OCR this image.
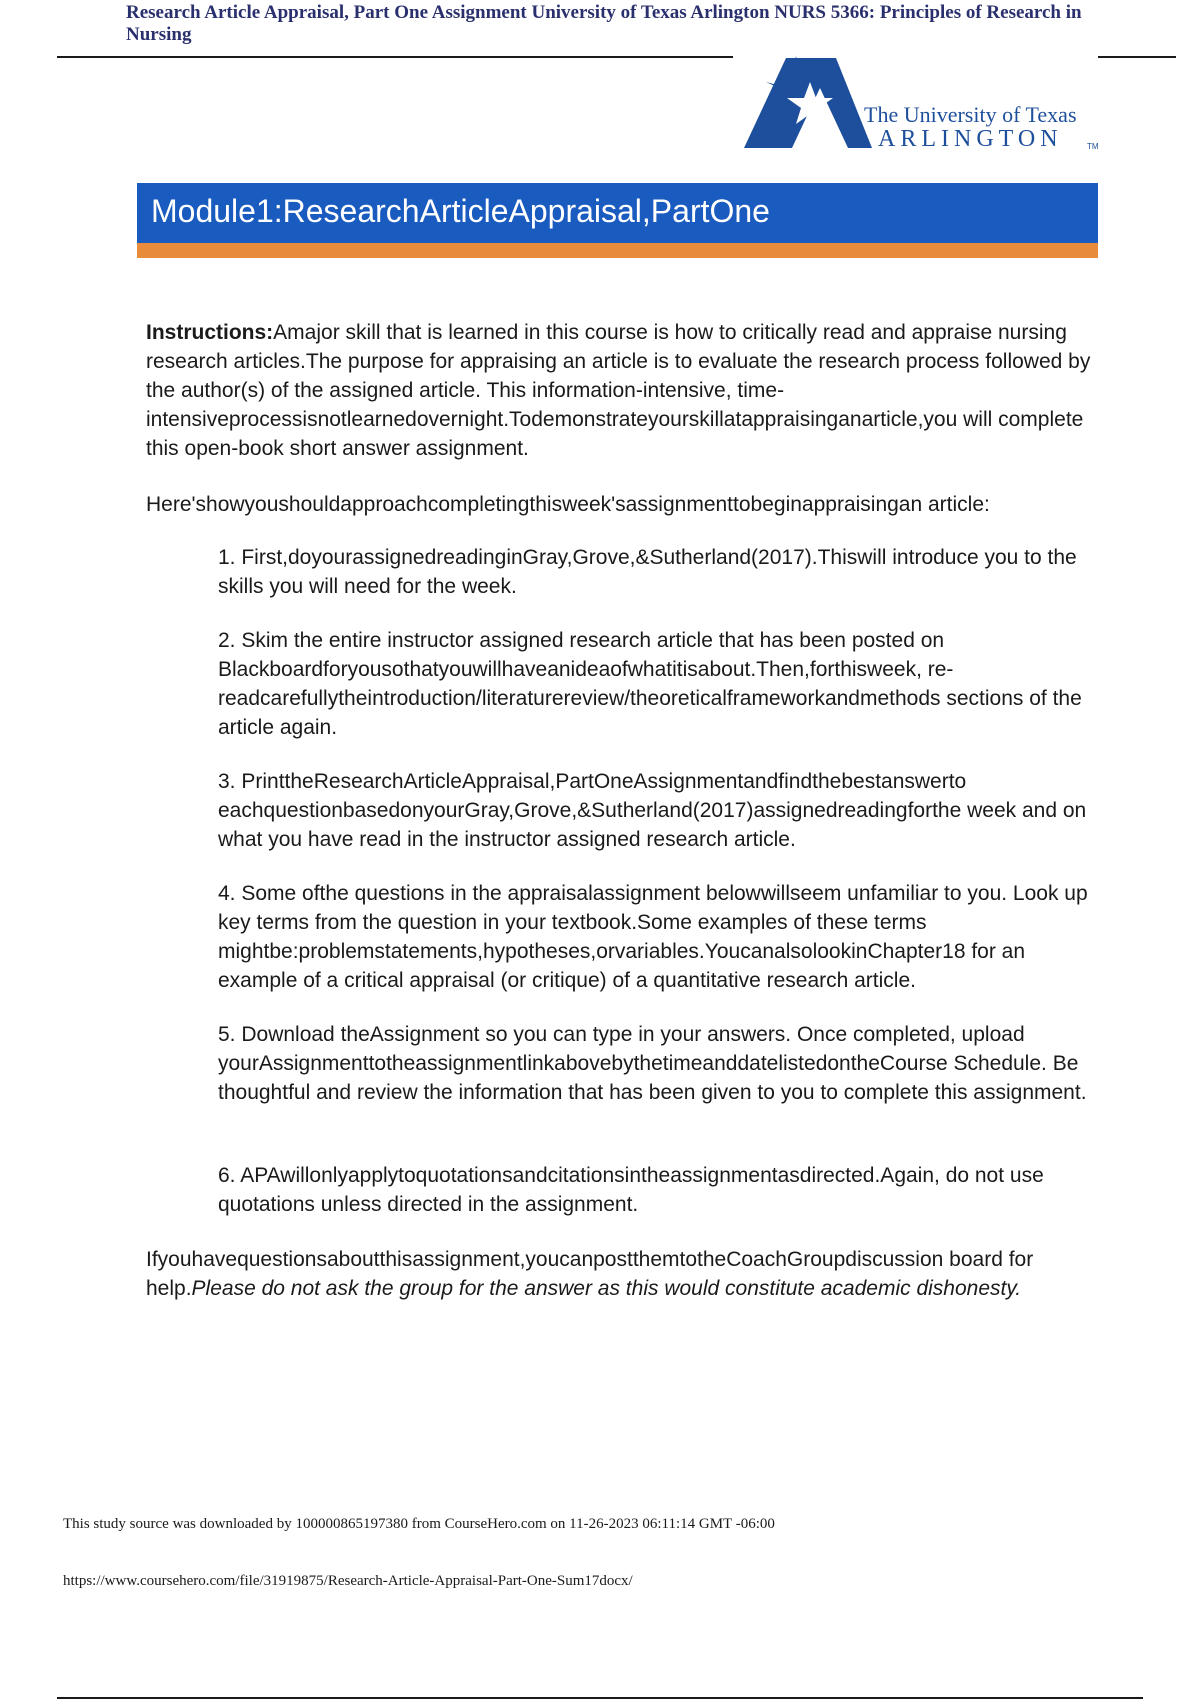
Research Article Appraisal, Part One Assignment University of Texas Arlington NURS 5366: Principles of Research in Nursing
The University of Texas
ARLINGTON	TM
Module1:ResearchArticleAppraisal,PartOne
Instructions:Amajor skill that is learned in this course is how to critically read and appraise nursing research articles.The purpose for appraising an article is to evaluate the research process followed by the author(s) of the assigned article. This information-intensive, time-intensiveprocessisnotlearnedovernight.Todemonstrateyourskillatappraisinganarticle,you will complete this open-book short answer assignment.
Here'showyoushouldapproachcompletingthisweek'sassignmenttobeginappraisingan article:
1. First,doyourassignedreadinginGray,Grove,&Sutherland(2017).Thiswill introduce you to the skills you will need for the week.
2. Skim the entire instructor assigned research article that has been posted on Blackboardforyousothatyouwillhaveanideaofwhatitisabout.Then,forthisweek, re-readcarefullytheintroduction/literaturereview/theoreticalframeworkandmethods sections of the article again.
3. PrinttheResearchArticleAppraisal,PartOneAssignmentandfindthebestanswerto eachquestionbasedonyourGray,Grove,&Sutherland(2017)assignedreadingforthe week and on what you have read in the instructor assigned research article.
4. Some ofthe questions in the appraisalassignment belowwillseem unfamiliar to you. Look up key terms from the question in your textbook.Some examples of these terms mightbe:problemstatements,hypotheses,orvariables.YoucanalsolookinChapter18 for an example of a critical appraisal (or critique) of a quantitative research article.
5. Download theAssignment so you can type in your answers. Once completed, upload yourAssignmenttotheassignmentlinkabovebythetimeanddatelistedontheCourse Schedule. Be thoughtful and review the information that has been given to you to complete this assignment.
6. APAwillonlyapplytoquotationsandcitationsintheassignmentasdirected.Again, do not use quotations unless directed in the assignment.
Ifyouhavequestionsaboutthisassignment,youcanpostthemtotheCoachGroupdiscussion board for help.Please do not ask the group for the answer as this would constitute academic dishonesty.
This study source was downloaded by 100000865197380 from CourseHero.com on 11-26-2023 06:11:14 GMT -06:00
https://www.coursehero.com/file/31919875/Research-Article-Appraisal-Part-One-Sum17docx/
